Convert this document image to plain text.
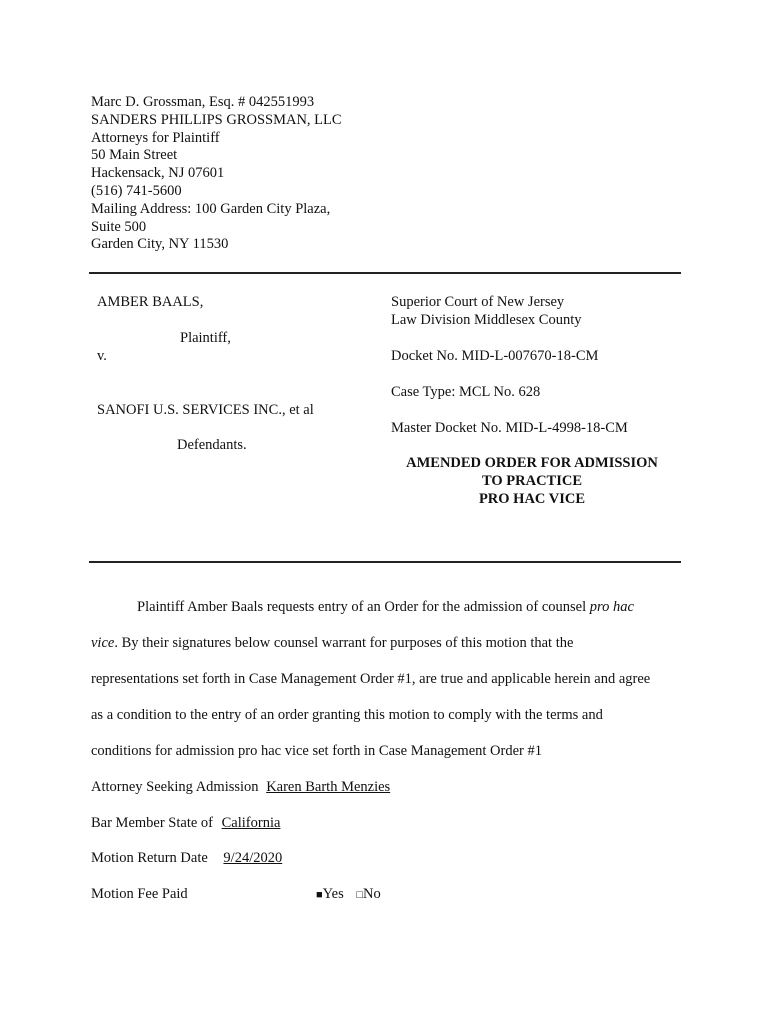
Marc D. Grossman, Esq. # 042551993
SANDERS PHILLIPS GROSSMAN, LLC
Attorneys for Plaintiff
50 Main Street
Hackensack, NJ 07601
(516) 741-5600
Mailing Address: 100 Garden City Plaza,
Suite 500
Garden City, NY 11530
AMBER BAALS,
Plaintiff,
v.
SANOFI U.S. SERVICES INC., et al
Defendants.
Superior Court of New Jersey
Law Division Middlesex County
Docket No. MID-L-007670-18-CM
Case Type: MCL No. 628
Master Docket No. MID-L-4998-18-CM
AMENDED ORDER FOR ADMISSION
TO PRACTICE
PRO HAC VICE
Plaintiff Amber Baals requests entry of an Order for the admission of counsel pro hac
vice. By their signatures below counsel warrant for purposes of this motion that the
representations set forth in Case Management Order #1, are true and applicable herein and agree
as a condition to the entry of an order granting this motion to comply with the terms and
conditions for admission pro hac vice set forth in Case Management Order #1
Attorney Seeking Admission Karen Barth Menzies
Bar Member State of California
Motion Return Date 9/24/2020
Motion Fee Paid	■Yes □No
